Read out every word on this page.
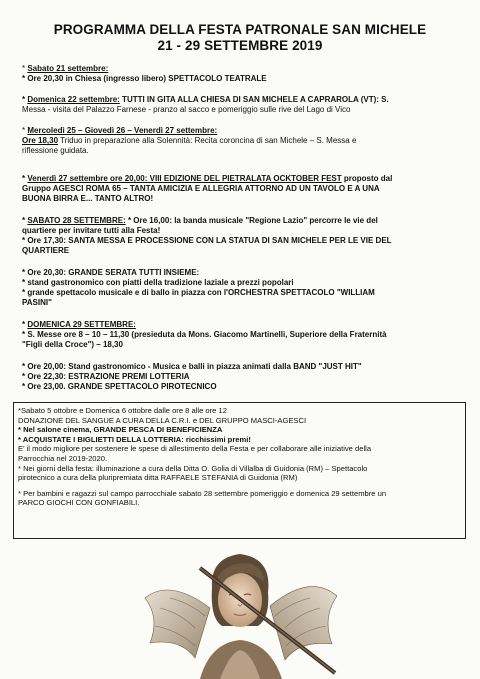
PROGRAMMA DELLA FESTA PATRONALE SAN MICHELE
21 - 29 SETTEMBRE 2019

* Sabato 21 settembre:

* Ore 20,30 in Chiesa (ingresso libero) SPETTACOLO TEATRALE

* Domenica 22 settembre: TUTTI IN GITA ALLA CHIESA DI SAN MICHELE A CAPRAROLA (VT): S.

Messa - visita del Palazzo Farnese - pranzo al sacco e pomeriggio sulle rive del Lago di Vico

* Mercoledì 25 – Giovedì 26 – Venerdì 27 settembre:

Ore 18,30 Triduo in preparazione alla Solennità: Recita coroncina di san Michele – S. Messa e

riflessione guidata.

* Venerdì 27 settembre ore 20,00: VIII EDIZIONE DEL PIETRALATA OCKTOBER FEST proposto dal

Gruppo AGESCI ROMA 65 – TANTA AMICIZIA E ALLEGRIA ATTORNO AD UN TAVOLO E A UNA

BUONA BIRRA E... TANTO ALTRO!

* SABATO 28 SETTEMBRE: * Ore 16,00: la banda musicale "Regione Lazio" percorre le vie del

quartiere per invitare tutti alla Festa!

* Ore 17,30: SANTA MESSA E PROCESSIONE CON LA STATUA DI SAN MICHELE PER LE VIE DEL

QUARTIERE

* Ore 20,30: GRANDE SERATA TUTTI INSIEME:

* stand gastronomico con piatti della tradizione laziale a prezzi popolari

* grande spettacolo musicale e di ballo in piazza con l'ORCHESTRA SPETTACOLO "WILLIAM

PASINI"

* DOMENICA 29 SETTEMBRE:

* S. Messe ore 8 – 10 – 11,30 (presieduta da Mons. Giacomo Martinelli, Superiore della Fraternità

"Figli della Croce") – 18,30

* Ore 20,00: Stand gastronomico - Musica e balli in piazza animati dalla BAND "JUST HIT"

* Ore 22,30: ESTRAZIONE PREMI LOTTERIA

* Ore 23,00. GRANDE SPETTACOLO PIROTECNICO

*Sabato 5 ottobre e Domenica 6 ottobre dalle ore 8 alle ore 12

DONAZIONE DEL SANGUE A CURA DELLA C.R.I. e DEL GRUPPO MASCI-AGESCI

* Nel salone cinema, GRANDE PESCA DI BENEFICIENZA

* ACQUISTATE I BIGLIETTI DELLA LOTTERIA: ricchissimi premi!

E' il modo migliore per sostenere le spese di allestimento della Festa e per collaborare alle iniziative della

Parrocchia nel 2019-2020.

* Nei giorni della festa: illuminazione a cura della Ditta O. Golia di Villalba di Guidonia (RM) – Spettacolo

pirotecnico a cura della pluripremiata ditta RAFFAELE STEFANIA di Guidonia (RM)

* Per bambini e ragazzi sul campo parrocchiale sabato 28 settembre pomeriggio e domenica 29 settembre un

PARCO GIOCHI CON GONFIABILI.
